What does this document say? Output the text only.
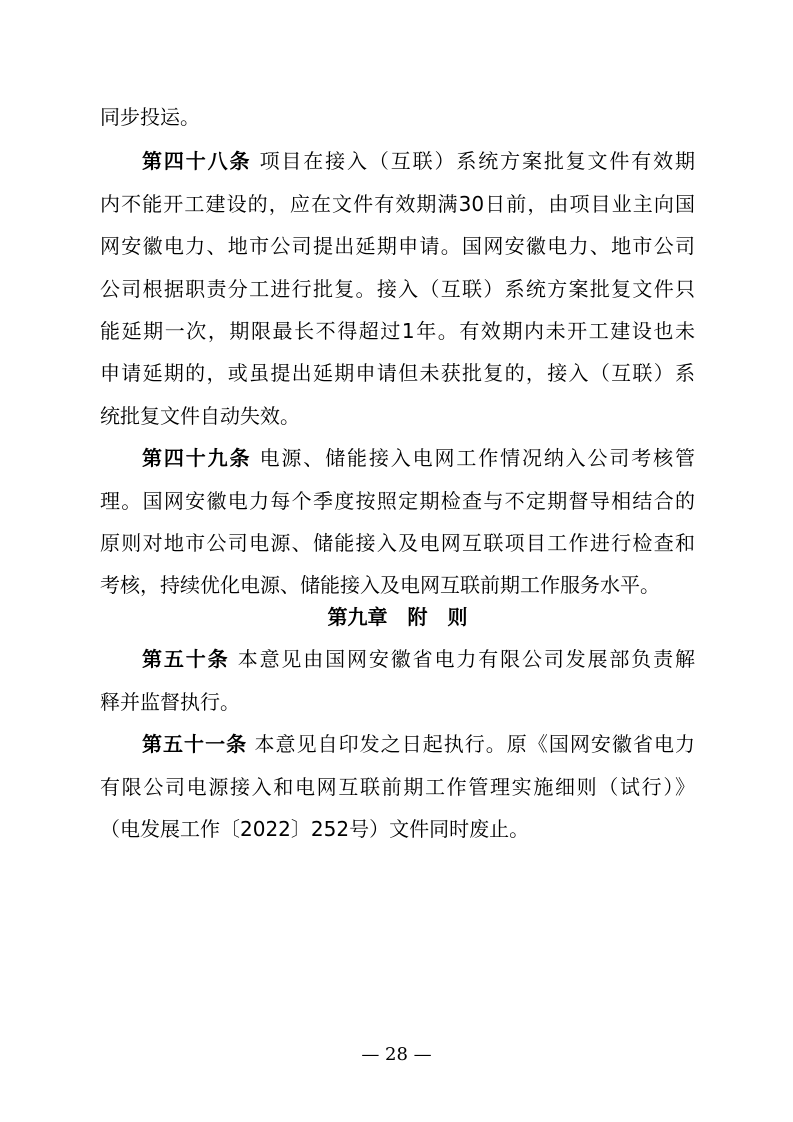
同步投运。
第四十八条 项目在接入（互联）系统方案批复文件有效期
内不能开工建设的，应在文件有效期满30日前，由项目业主向国
网安徽电力、地市公司提出延期申请。国网安徽电力、地市公司
公司根据职责分工进行批复。接入（互联）系统方案批复文件只
能延期一次，期限最长不得超过1年。有效期内未开工建设也未
申请延期的，或虽提出延期申请但未获批复的，接入（互联）系
统批复文件自动失效。
第四十九条 电源、储能接入电网工作情况纳入公司考核管
理。国网安徽电力每个季度按照定期检查与不定期督导相结合的
原则对地市公司电源、储能接入及电网互联项目工作进行检查和
考核，持续优化电源、储能接入及电网互联前期工作服务水平。
第九章　附　则
第五十条 本意见由国网安徽省电力有限公司发展部负责解
释并监督执行。
第五十一条 本意见自印发之日起执行。原《国网安徽省电力
有限公司电源接入和电网互联前期工作管理实施细则（试行）》
（电发展工作〔2022〕252号）文件同时废止。
— 28 —
